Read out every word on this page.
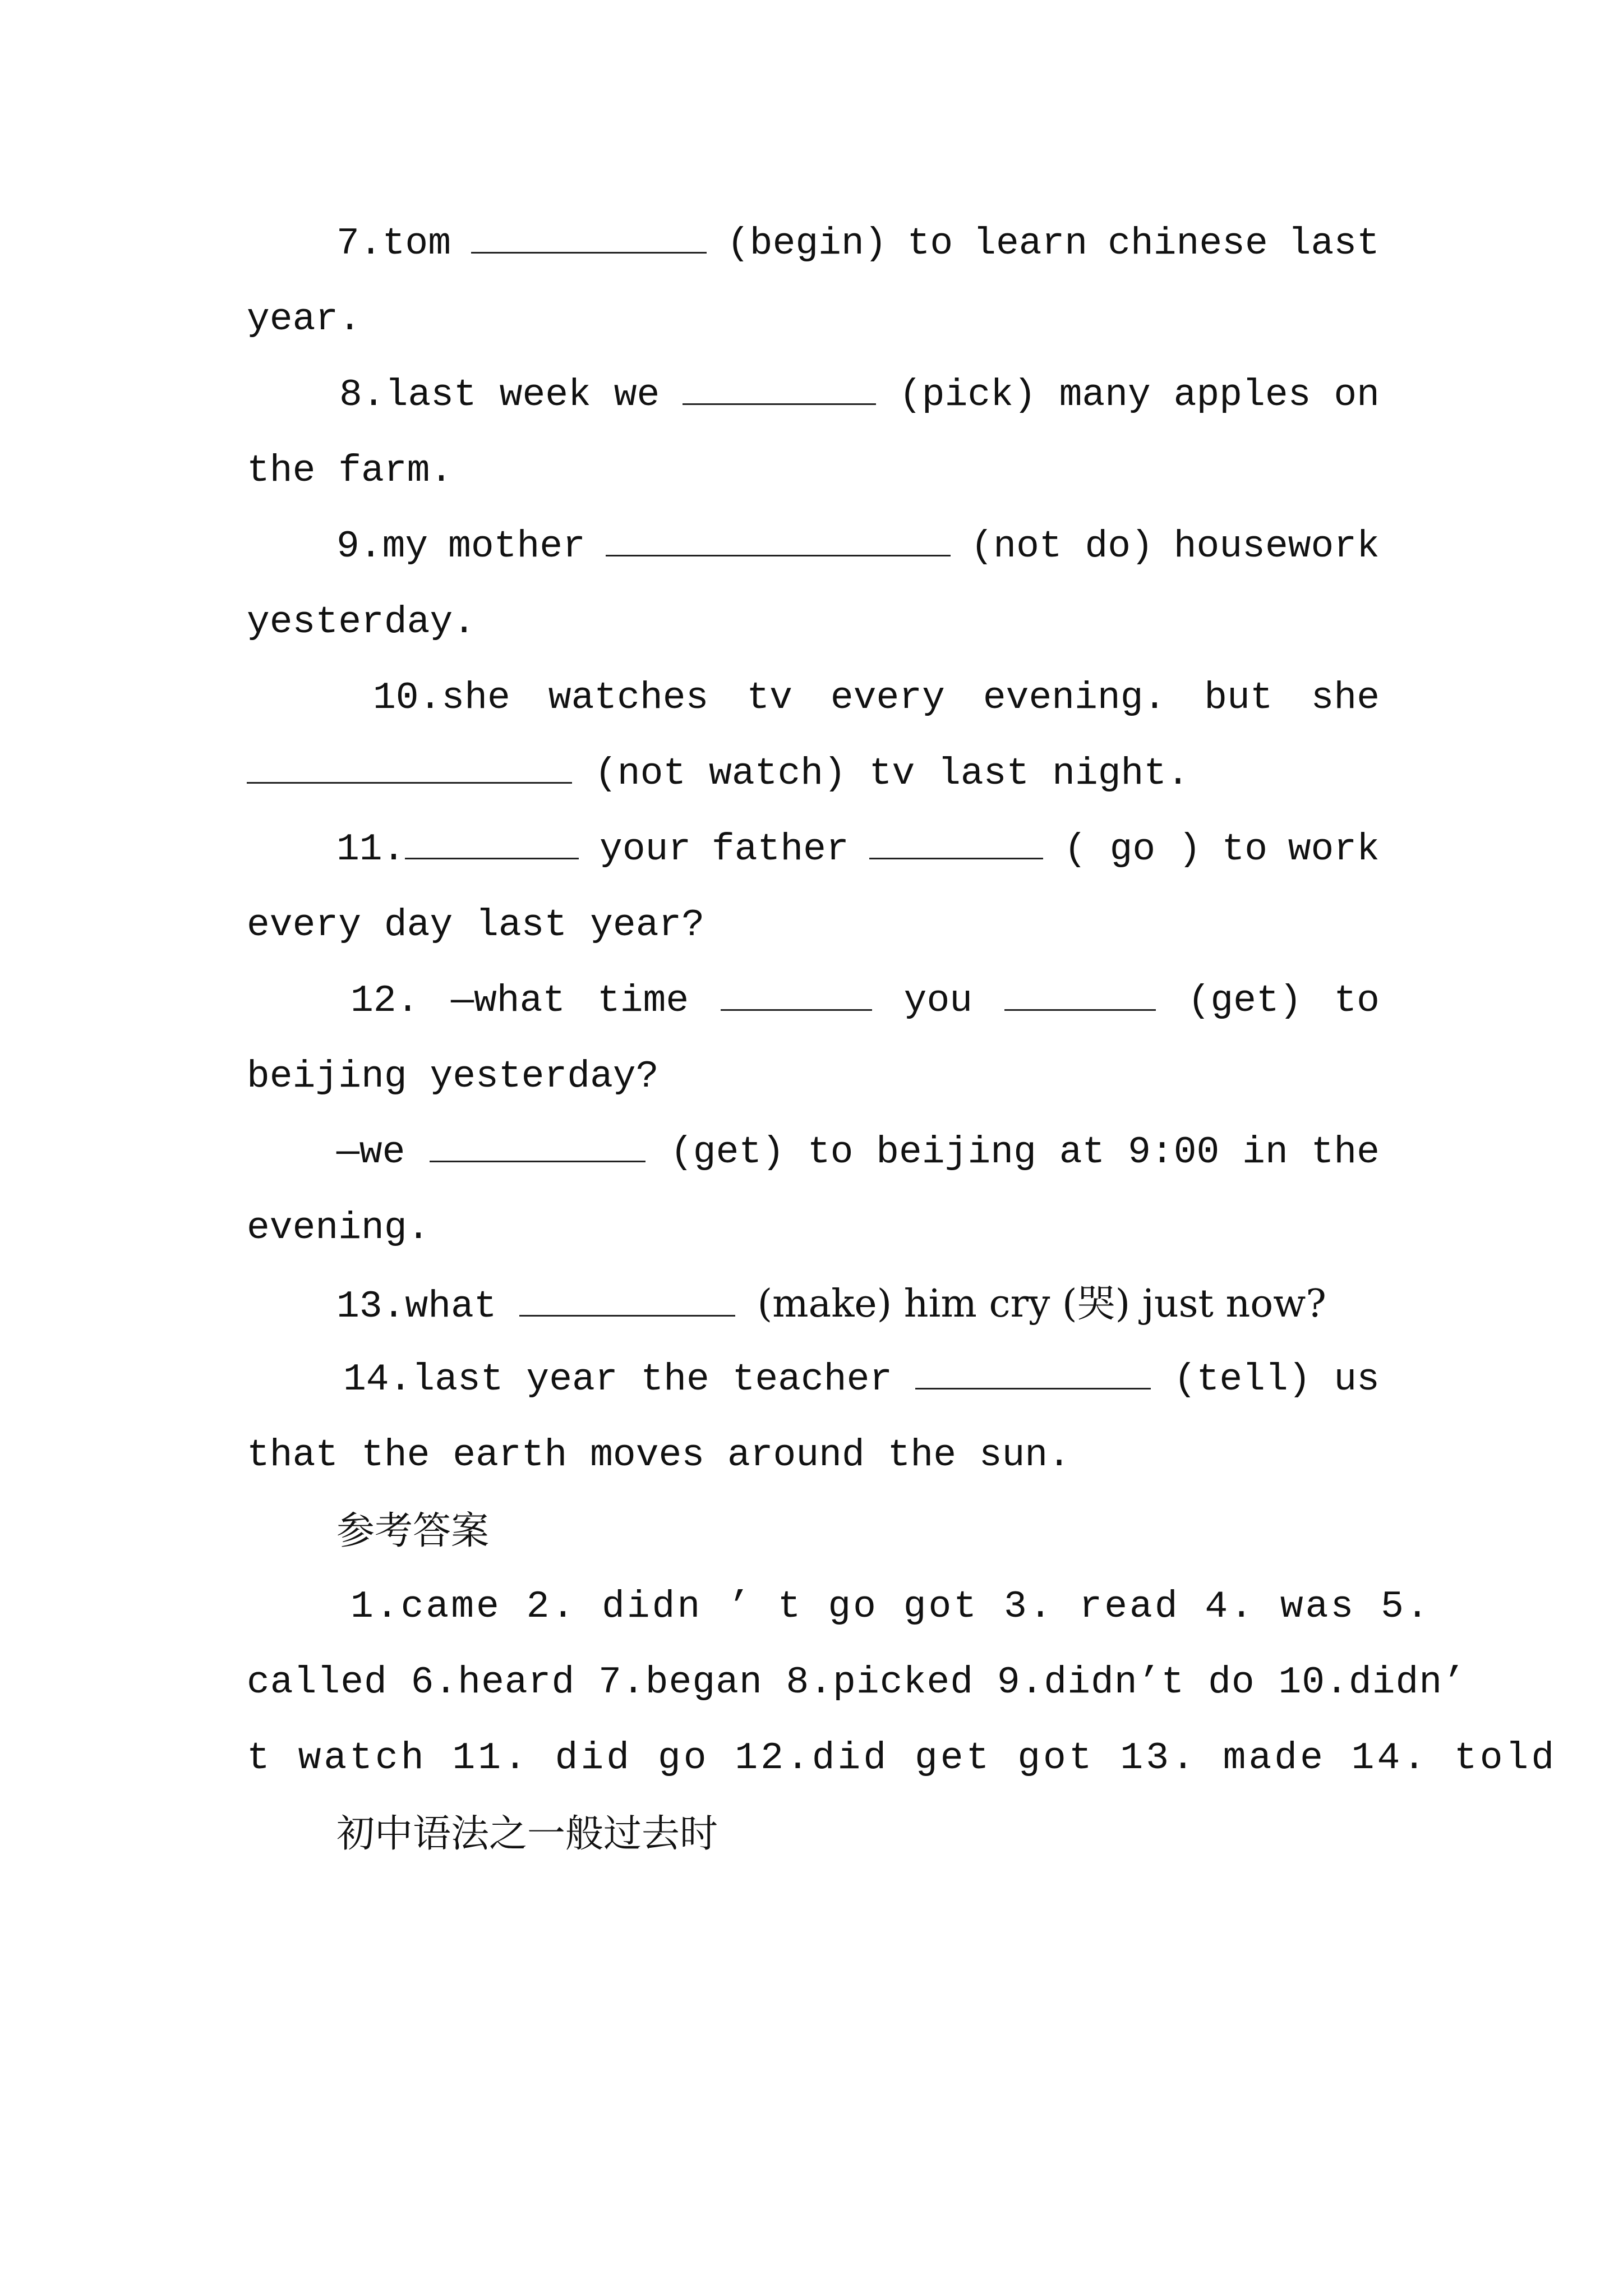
7.tom	(begin) to learn chinese last
year.
8.last week we	(pick) many apples on
the farm.
9.my mother	(not do) housework
yesterday.
10.she watches tv every evening. but she
(not watch) tv last night.
11.	your father	( go ) to work
every day last year?
12. —what time	you	(get) to
beijing yesterday?
—we	(get) to beijing at 9:00 in the
evening.
13.what	(make) him cry (哭) just now?
14.last year the teacher	(tell) us
that the earth moves around the sun.
参考答案
1.came 2. didn ’ t go got 3. read 4. was 5.
called 6.heard 7.began 8.picked 9.didn’t do 10.didn’
t watch 11. did go 12.did get got 13. made 14. told
初中语法之一般过去时
